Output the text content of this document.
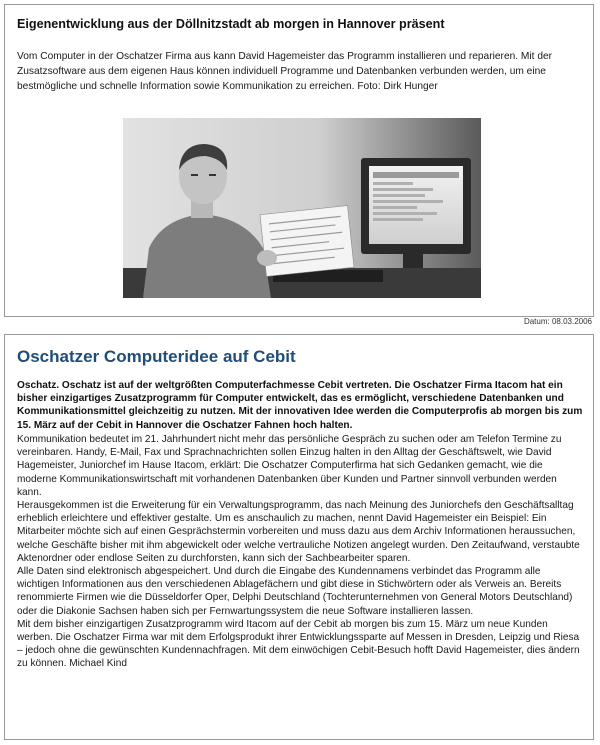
Eigenentwicklung aus der Döllnitzstadt ab morgen in Hannover präsent

Vom Computer in der Oschatzer Firma aus kann David Hagemeister das Programm installieren und reparieren. Mit der Zusatzsoftware aus dem eigenen Haus können individuell Programme und Datenbanken verbunden werden, um eine bestmögliche und schnelle Information sowie Kommunikation zu erreichen. Foto: Dirk Hunger

Datum: 08.03.2006
Oschatzer Computeridee auf Cebit

Oschatz. Oschatz ist auf der weltgrößten Computerfachmesse Cebit vertreten. Die Oschatzer Firma Itacom hat ein bisher einzigartiges Zusatzprogramm für Computer entwickelt, das es ermöglicht, verschiedene Datenbanken und Kommunikationsmittel gleichzeitig zu nutzen. Mit der innovativen Idee werden die Computerprofis ab morgen bis zum 15. März auf der Cebit in Hannover die Oschatzer Fahnen hoch halten.

Kommunikation bedeutet im 21. Jahrhundert nicht mehr das persönliche Gespräch zu suchen oder am Telefon Termine zu vereinbaren. Handy, E-Mail, Fax und Sprachnachrichten sollen Einzug halten in den Alltag der Geschäftswelt, wie David Hagemeister, Juniorchef im Hause Itacom, erklärt: Die Oschatzer Computerfirma hat sich Gedanken gemacht, wie die moderne Kommunikationswirtschaft mit vorhandenen Datenbanken über Kunden und Partner sinnvoll verbunden werden kann.

Herausgekommen ist die Erweiterung für ein Verwaltungsprogramm, das nach Meinung des Juniorchefs den Geschäftsalltag erheblich erleichtere und effektiver gestalte. Um es anschaulich zu machen, nennt David Hagemeister ein Beispiel: Ein Mitarbeiter möchte sich auf einen Gesprächstermin vorbereiten und muss dazu aus dem Archiv Informationen heraussuchen, welche Geschäfte bisher mit ihm abgewickelt oder welche vertrauliche Notizen angelegt wurden. Den Zeitaufwand, verstaubte Aktenordner oder endlose Seiten zu durchforsten, kann sich der Sachbearbeiter sparen.

Alle Daten sind elektronisch abgespeichert. Und durch die Eingabe des Kundennamens verbindet das Programm alle wichtigen Informationen aus den verschiedenen Ablagefächern und gibt diese in Stichwörtern oder als Verweis an. Bereits renommierte Firmen wie die Düsseldorfer Oper, Delphi Deutschland (Tochterunternehmen von General Motors Deutschland) oder die Diakonie Sachsen haben sich per Fernwartungssystem die neue Software installieren lassen.

Mit dem bisher einzigartigen Zusatzprogramm wird Itacom auf der Cebit ab morgen bis zum 15. März um neue Kunden werben. Die Oschatzer Firma war mit dem Erfolgsprodukt ihrer Entwicklungssparte auf Messen in Dresden, Leipzig und Riesa – jedoch ohne die gewünschten Kundennachfragen. Mit dem einwöchigen Cebit-Besuch hofft David Hagemeister, dies ändern zu können. Michael Kind
